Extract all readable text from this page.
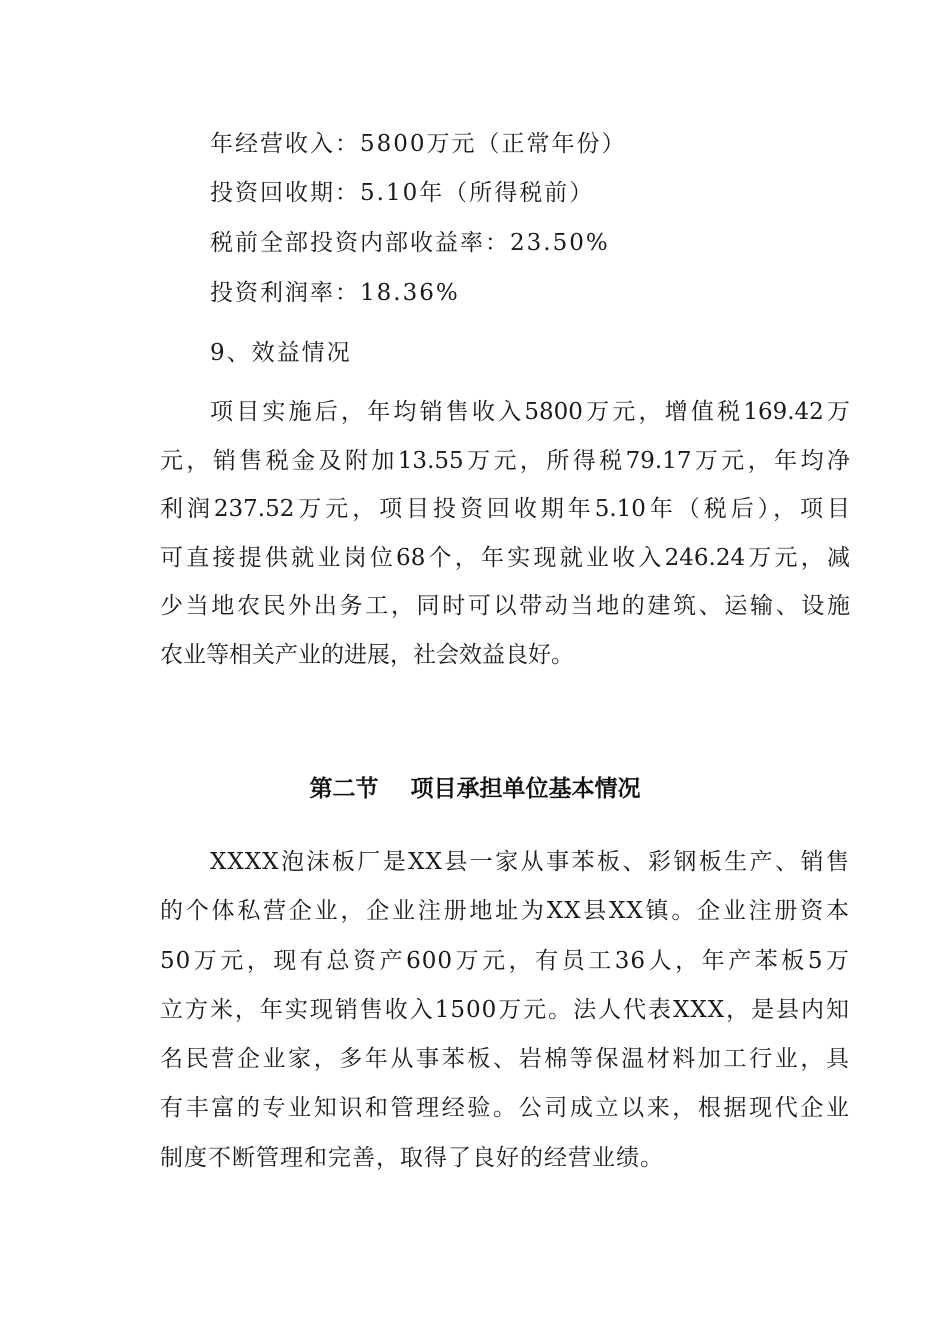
年经营收入：5800万元（正常年份）
投资回收期：5.10年（所得税前）
税前全部投资内部收益率：23.50%
投资利润率：18.36%
9、效益情况
项目实施后，年均销售收入5800万元，增值税169.42万
元，销售税金及附加13.55万元，所得税79.17万元，年均净
利润237.52万元，项目投资回收期年5.10年（税后），项目
可直接提供就业岗位68个，年实现就业收入246.24万元，减
少当地农民外出务工，同时可以带动当地的建筑、运输、设施
农业等相关产业的进展，社会效益良好。
第二节    项目承担单位基本情况
XXXX泡沫板厂是XX县一家从事苯板、彩钢板生产、销售
的个体私营企业，企业注册地址为XX县XX镇。企业注册资本
50万元，现有总资产600万元，有员工36人，年产苯板5万
立方米，年实现销售收入1500万元。法人代表XXX，是县内知
名民营企业家，多年从事苯板、岩棉等保温材料加工行业，具
有丰富的专业知识和管理经验。公司成立以来，根据现代企业
制度不断管理和完善，取得了良好的经营业绩。
